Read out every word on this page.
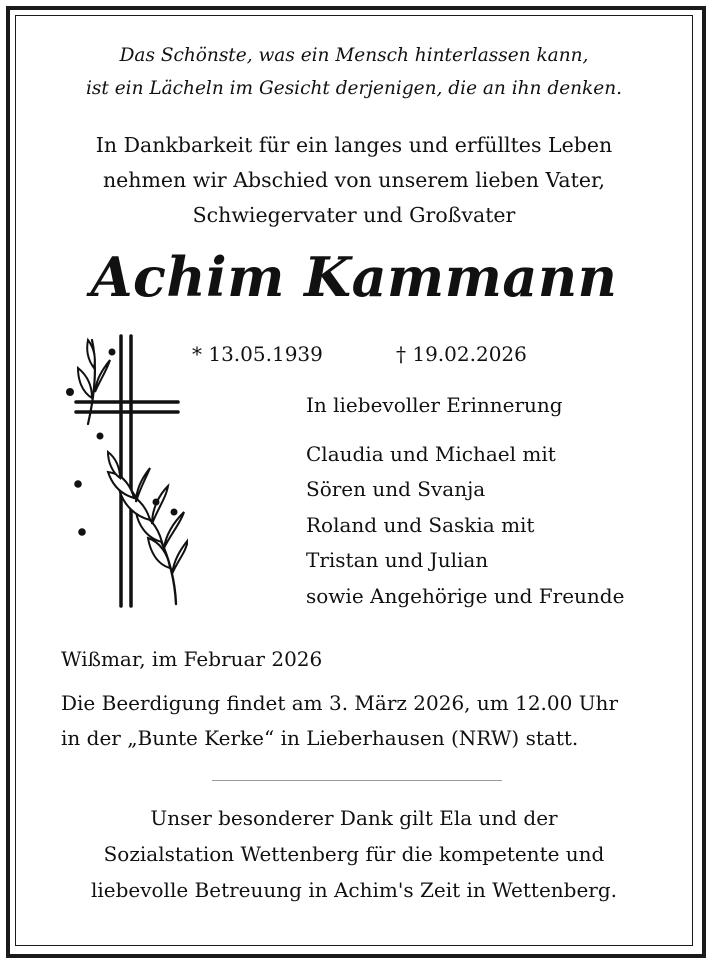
Das Schönste, was ein Mensch hinterlassen kann,
ist ein Lächeln im Gesicht derjenigen, die an ihn denken.
In Dankbarkeit für ein langes und erfülltes Leben
nehmen wir Abschied von unserem lieben Vater,
Schwiegervater und Großvater
Achim Kammann
* 13.05.1939	† 19.02.2026
In liebevoller Erinnerung
Claudia und Michael mit
Sören und Svanja
Roland und Saskia mit
Tristan und Julian
sowie Angehörige und Freunde
Wißmar, im Februar 2026
Die Beerdigung findet am 3. März 2026, um 12.00 Uhr
in der „Bunte Kerke“ in Lieberhausen (NRW) statt.
Unser besonderer Dank gilt Ela und der
Sozialstation Wettenberg für die kompetente und
liebevolle Betreuung in Achim's Zeit in Wettenberg.
